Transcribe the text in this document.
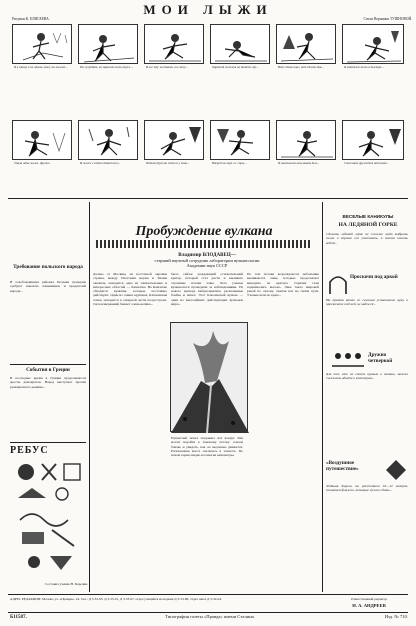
МОИ ЛЫЖИ
Рисунки К. ЕЛИСЕЕВА.	Стихи Вероники ТУШНОВОЙ.
Я в школу и из школы хожу на лыжах...	По сугробам, по оврагам легко мчусь...	В лес иду, за ёлками, по снегу...	Хороший лыжник не боится гор...	Вот сделал шаг, вот сделал два...	Я скатился легко и быстро...
Упала одна лыжа, другая...	И лыжи с собою домой несу...	Потом дружно стою я у окна...	Вперед на горе и с горы...	Я маленьким лыжником был...	Снежинки кружатся над нами...
Требование польского народа
В освобождённых районах Польши граждане требуют наказать изменников и предателей народа...
События в Греции
В последнее время в Греции продолжаются аресты демократов. Народ выступает против реакционного режима...
РЕБУС
Составил ученик Н. Корелин.
Пробуждение вулкана
Владимир ВЛОДАВЕЦ—
старший научный сотрудник лаборатории вулканологии
Академии наук СССР
Далеко от Москвы, на восточной окраине страны, между Охотским морем и Тихим океаном, находится одна из замечательных и интересных областей — Камчатка. На Камчатке обходятся вулканы, которые постоянно действуют. Один из самых крупных, Ключевская сопка, находится в северной части полуострова. Сила извержений бывает очень велика...
было сейчас рождающий основательный кратер, который стал расти и выливать огромные потоки лавы. Лето ученые вулканологи проводили за наблюдениями. Из нового кратера выбрасывались раскаленные бомбы и пепел. Этот Ключевской вулкан — один из высочайших действующих вулканов мира...
По тем потоки возрождаются небольшие выливаются лавы, которые продолжают выходить из кратера. Горячие газы поднимались высоко. Лава текла широкой рекой по склону, сжигая всё на своём пути. Ученые шли по краю...
Пушистый пепел покрывал всё вокруг. Мы могли подойти к лавовому потоку совсем близко и увидеть, как он медленно движется. Раскаленная масса светилась в темноте. По ночам зарево видно на многие километры.
ВЕСЕЛЫЕ КАНИКУЛЫ
НА ЛЕДЯНОЙ ГОРКЕ
Сделать ледяной горке не сложно: надо выбрать склон и хорошо его утоптать, а потом полить водой...
Проскочи под аркой
На прямом каткe со склоном установите арку и проскочите под ней, не задев её...
Дружно четверкой
Для тех, кто не совсем привык к санкам, можно съезжать вдвоём и вчетвером...
«Воздушное путешествие»
Ледяная дорога, на расстоянии 10—12 метров, ставятся флажки, которые нужно сбить...
АДРЕС РЕДАКЦИИ: Москва, ул. «Правды», 24. Тел.: Д 3-33-95, Д 3-35-01, Д 3-33-97, отдел учащейся молодежи Д 3-33-99; отдел школ Д 3-34-04.	Ответственный редактор
Н. А. АНДРЕЕВ
Б11587.	Типография газеты «Правда» имени Сталина.	Изд. № 710.
